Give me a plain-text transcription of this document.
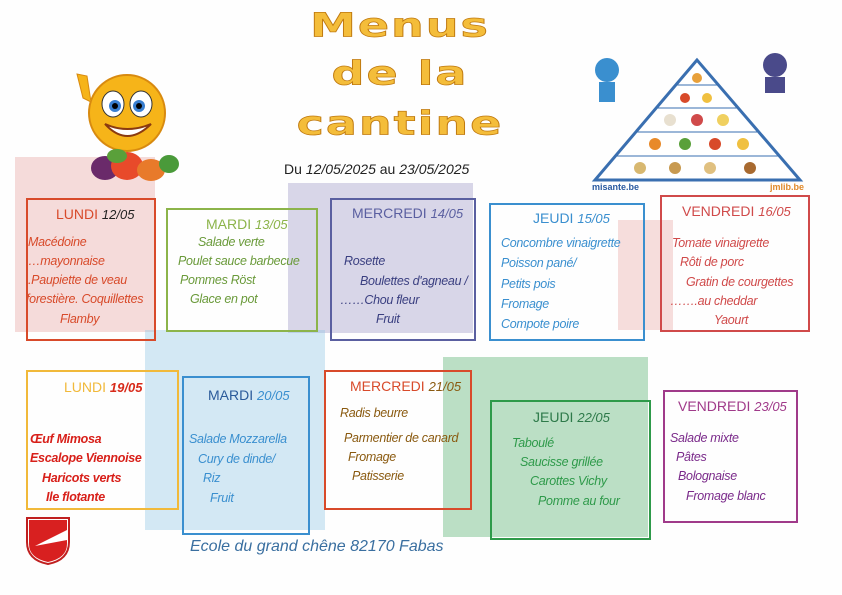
Menus
de la
cantine
Du 12/05/2025 au 23/05/2025
misante.be	jmlib.be
LUNDI 12/05
Macédoine
…mayonnaise
.Paupiette de veau
forestière. Coquillettes
Flamby
MARDI 13/05
Salade verte
Poulet sauce barbecue
Pommes Röst
Glace en pot
MERCREDI 14/05
Rosette
Boulettes d'agneau /
……Chou fleur
Fruit
JEUDI 15/05
Concombre vinaigrette
Poisson pané/
Petits pois
Fromage
Compote poire
VENDREDI 16/05
Tomate vinaigrette
Rôti de porc
Gratin de courgettes
…….au cheddar
Yaourt
LUNDI 19/05
Œuf Mimosa
Escalope Viennoise
Haricots verts
Ile flotante
MARDI 20/05
Salade Mozzarella
Cury de dinde/
Riz
Fruit
MERCREDI 21/05
Radis beurre
Parmentier de canard
Fromage
Patisserie
JEUDI 22/05
Taboulé
Saucisse grillée
Carottes Vichy
Pomme au four
VENDREDI 23/05
Salade mixte
Pâtes
Bolognaise
Fromage blanc
Ecole du grand chêne 82170 Fabas
